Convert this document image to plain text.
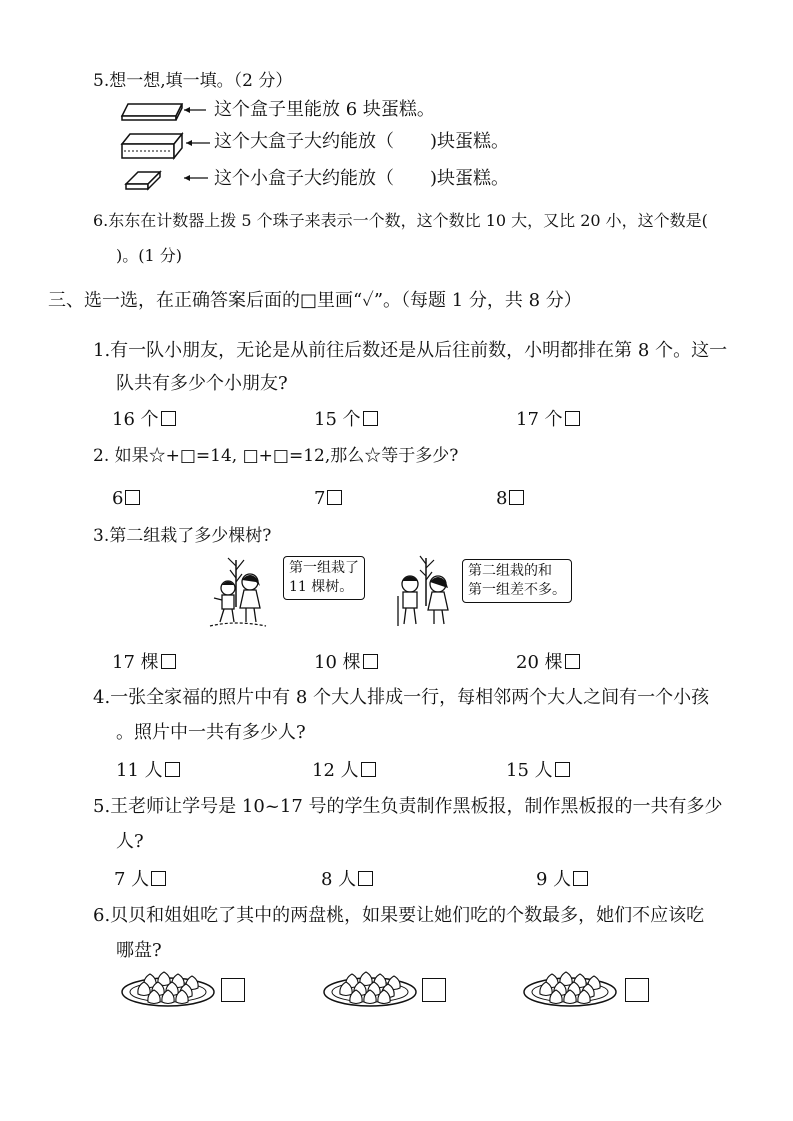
5.想一想,填一填。（2 分）
这个盒子里能放 6 块蛋糕。
这个大盒子大约能放（　　)块蛋糕。
这个小盒子大约能放（　　)块蛋糕。
6.东东在计数器上拨 5 个珠子来表示一个数，这个数比 10 大，又比 20 小，这个数是(
)。(1 分)
三、选一选，在正确答案后面的□里画“✓”。（每题 1 分，共 8 分）
1.有一队小朋友，无论是从前往后数还是从后往前数，小明都排在第 8 个。这一
队共有多少个小朋友?
16 个	15 个	17 个
2. 如果☆+□=14, □+□=12,那么☆等于多少?
6	7	8
3.第二组栽了多少棵树?
第一组栽了
11 棵树。
第二组栽的和
第一组差不多。
17 棵	10 棵	20 棵
4.一张全家福的照片中有 8 个大人排成一行，每相邻两个大人之间有一个小孩
。照片中一共有多少人?
11 人	12 人	15 人
5.王老师让学号是 10~17 号的学生负责制作黑板报，制作黑板报的一共有多少
人?
7 人	8 人	9 人
6.贝贝和姐姐吃了其中的两盘桃，如果要让她们吃的个数最多，她们不应该吃
哪盘?
